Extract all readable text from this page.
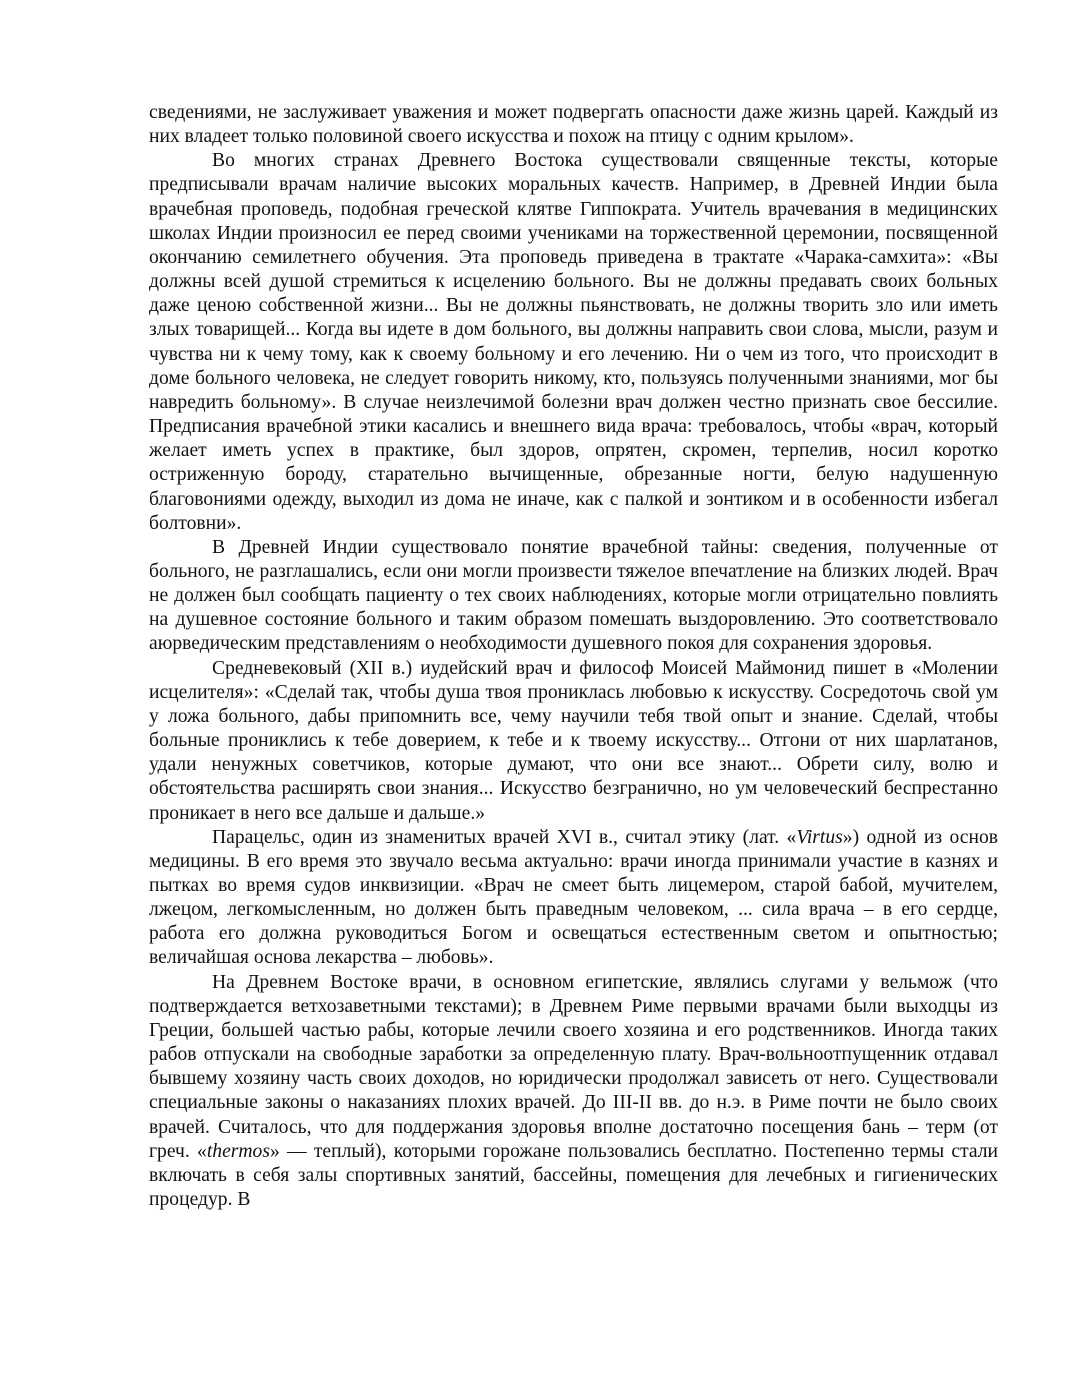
сведениями, не заслуживает уважения и может подвергать опасности даже жизнь царей. Каждый из них владеет только половиной своего искусства и похож на птицу с одним крылом».

Во многих странах Древнего Востока существовали священные тексты, которые предписывали врачам наличие высоких моральных качеств. Например, в Древней Индии была врачебная проповедь, подобная греческой клятве Гиппократа. Учитель врачевания в медицинских школах Индии произносил ее перед своими учениками на торжественной церемонии, посвященной окончанию семилетнего обучения. Эта проповедь приведена в трактате «Чарака-самхита»: «Вы должны всей душой стремиться к исцелению больного. Вы не должны предавать своих больных даже ценою собственной жизни... Вы не должны пьянствовать, не должны творить зло или иметь злых товарищей... Когда вы идете в дом больного, вы должны направить свои слова, мысли, разум и чувства ни к чему тому, как к своему больному и его лечению. Ни о чем из того, что происходит в доме больного человека, не следует говорить никому, кто, пользуясь полученными знаниями, мог бы навредить больному». В случае неизлечимой болезни врач должен честно признать свое бессилие. Предписания врачебной этики касались и внешнего вида врача: требовалось, чтобы «врач, который желает иметь успех в практике, был здоров, опрятен, скромен, терпелив, носил коротко остриженную бороду, старательно вычищенные, обрезанные ногти, белую надушенную благовониями одежду, выходил из дома не иначе, как с палкой и зонтиком и в особенности избегал болтовни».

В Древней Индии существовало понятие врачебной тайны: сведения, полученные от больного, не разглашались, если они могли произвести тяжелое впечатление на близких людей. Врач не должен был сообщать пациенту о тех своих наблюдениях, которые могли отрицательно повлиять на душевное состояние больного и таким образом помешать выздоровлению. Это соответствовало аюрведическим представлениям о необходимости душевного покоя для сохранения здоровья.

Средневековый (XII в.) иудейский врач и философ Моисей Маймонид пишет в «Молении исцелителя»: «Сделай так, чтобы душа твоя прониклась любовью к искусству. Сосредоточь свой ум у ложа больного, дабы припомнить все, чему научили тебя твой опыт и знание. Сделай, чтобы больные прониклись к тебе доверием, к тебе и к твоему искусству... Отгони от них шарлатанов, удали ненужных советчиков, которые думают, что они все знают... Обрети силу, волю и обстоятельства расширять свои знания... Искусство безгранично, но ум человеческий беспрестанно проникает в него все дальше и дальше.»

Парацельс, один из знаменитых врачей XVI в., считал этику (лат. «Virtus») одной из основ медицины. В его время это звучало весьма актуально: врачи иногда принимали участие в казнях и пытках во время судов инквизиции. «Врач не смеет быть лицемером, старой бабой, мучителем, лжецом, легкомысленным, но должен быть праведным человеком, ... сила врача – в его сердце, работа его должна руководиться Богом и освещаться естественным светом и опытностью; величайшая основа лекарства – любовь».

На Древнем Востоке врачи, в основном египетские, являлись слугами у вельмож (что подтверждается ветхозаветными текстами); в Древнем Риме первыми врачами были выходцы из Греции, большей частью рабы, которые лечили своего хозяина и его родственников. Иногда таких рабов отпускали на свободные заработки за определенную плату. Врач-вольноотпущенник отдавал бывшему хозяину часть своих доходов, но юридически продолжал зависеть от него. Существовали специальные законы о наказаниях плохих врачей. До III-II вв. до н.э. в Риме почти не было своих врачей. Считалось, что для поддержания здоровья вполне достаточно посещения бань – терм (от греч. «thermos» — теплый), которыми горожане пользовались бесплатно. Постепенно термы стали включать в себя залы спортивных занятий, бассейны, помещения для лечебных и гигиенических процедур. В
